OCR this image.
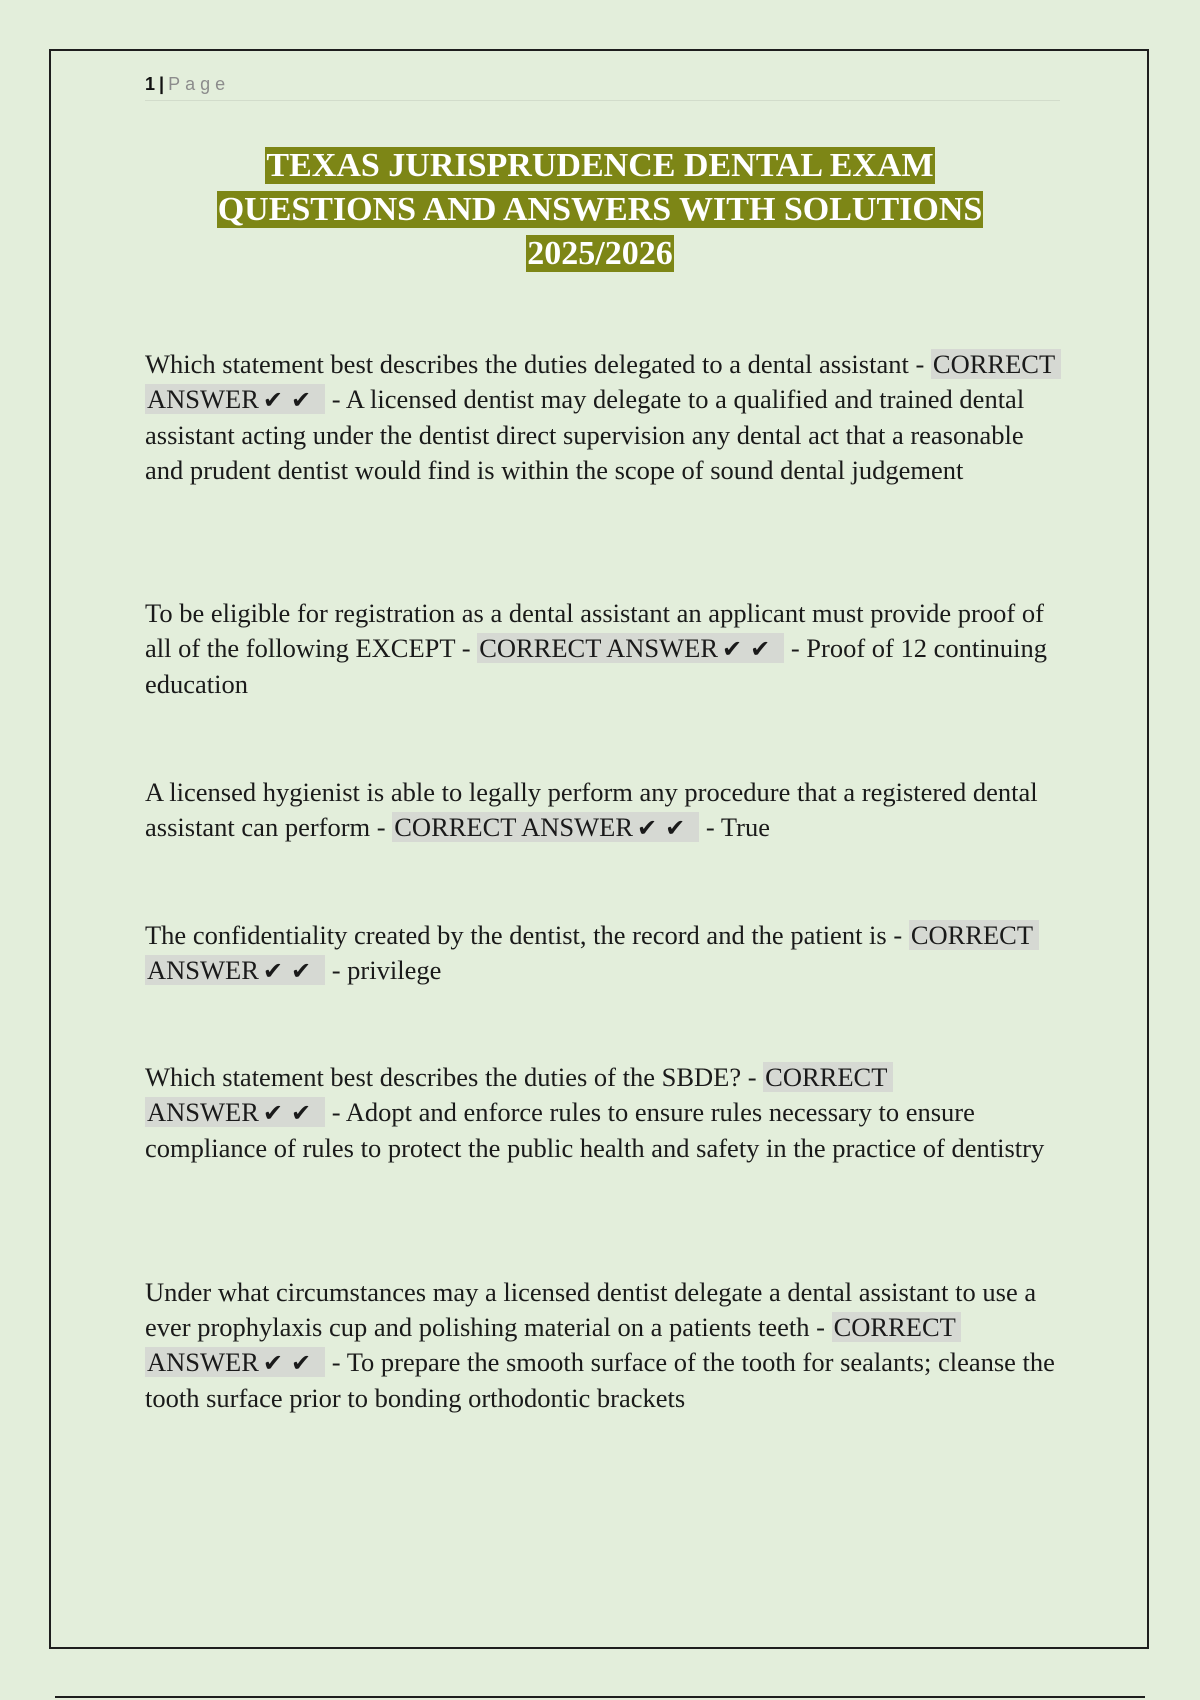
1 | Page
TEXAS JURISPRUDENCE DENTAL EXAM
QUESTIONS AND ANSWERS WITH SOLUTIONS
2025/2026

Which statement best describes the duties delegated to a dental assistant - CORRECT ANSWER ✔✔ - A licensed dentist may delegate to a qualified and trained dental assistant acting under the dentist direct supervision any dental act that a reasonable and prudent dentist would find is within the scope of sound dental judgement

To be eligible for registration as a dental assistant an applicant must provide proof of all of the following EXCEPT - CORRECT ANSWER ✔✔ - Proof of 12 continuing education

A licensed hygienist is able to legally perform any procedure that a registered dental assistant can perform - CORRECT ANSWER ✔✔ - True

The confidentiality created by the dentist, the record and the patient is - CORRECT ANSWER ✔✔ - privilege

Which statement best describes the duties of the SBDE? - CORRECT ANSWER ✔✔ - Adopt and enforce rules to ensure rules necessary to ensure compliance of rules to protect the public health and safety in the practice of dentistry

Under what circumstances may a licensed dentist delegate a dental assistant to use a ever prophylaxis cup and polishing material on a patients teeth - CORRECT ANSWER ✔✔ - To prepare the smooth surface of the tooth for sealants; cleanse the tooth surface prior to bonding orthodontic brackets
